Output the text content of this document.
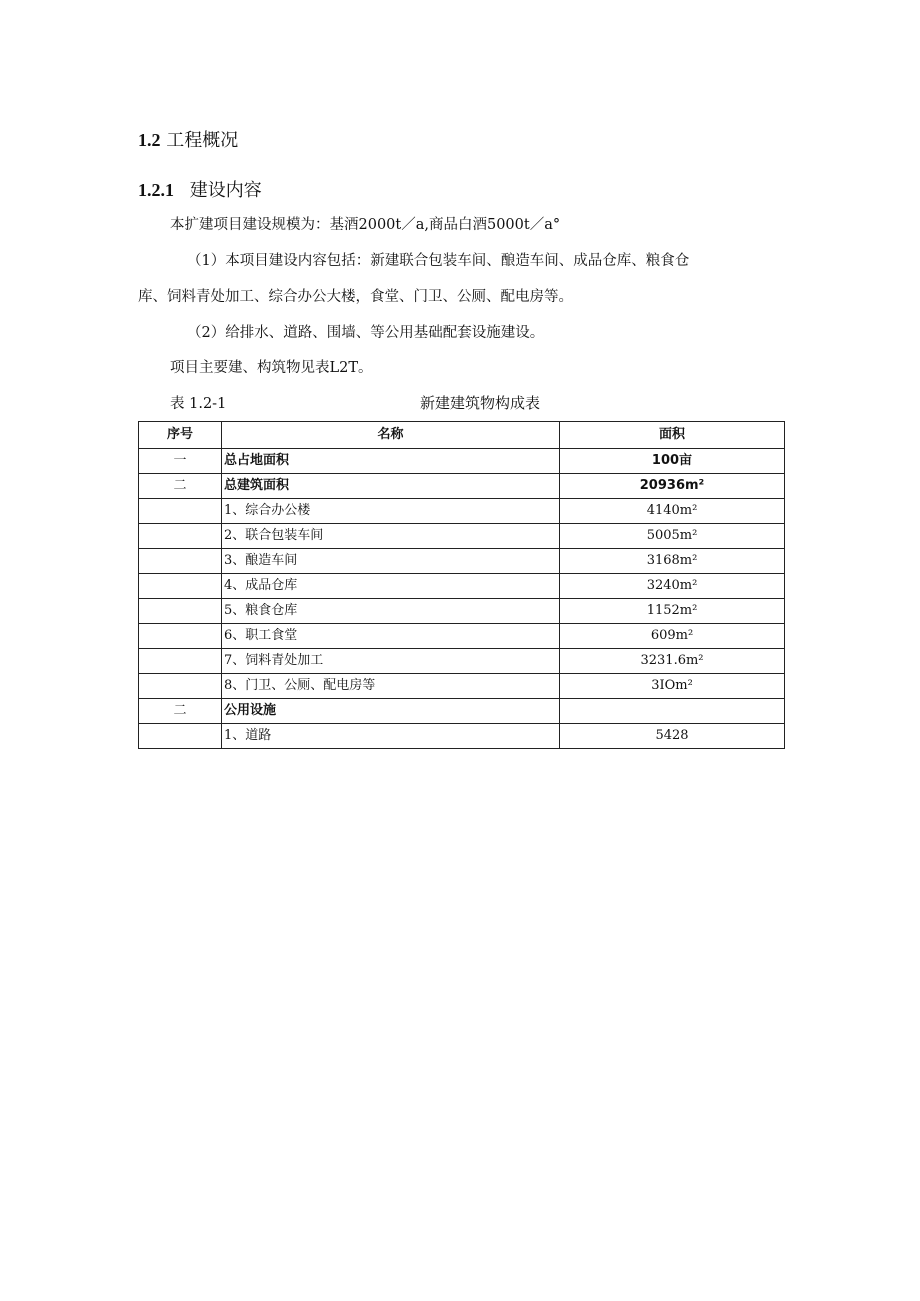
1.2 工程概况
1.2.1 建设内容
本扩建项目建设规模为：基酒2000t／a,商品白酒5000t／a°
（1）本项目建设内容包括：新建联合包装车间、酿造车间、成品仓库、粮食仓
库、饲料青处加工、综合办公大楼，食堂、门卫、公厕、配电房等。
（2）给排水、道路、围墙、等公用基础配套设施建设。
项目主要建、构筑物见表L2T。
表 1.2-1	新建建筑物构成表
序号	名称	面积
一	总占地面积	100亩
二	总建筑面积	20936m²
	1、综合办公楼	4140m²
	2、联合包装车间	5005m²
	3、酿造车间	3168m²
	4、成品仓库	3240m²
	5、粮食仓库	1152m²
	6、职工食堂	609m²
	7、饲料青处加工	3231.6m²
	8、门卫、公厕、配电房等	3IOm²
二	公用设施	
	1、道路	5428
